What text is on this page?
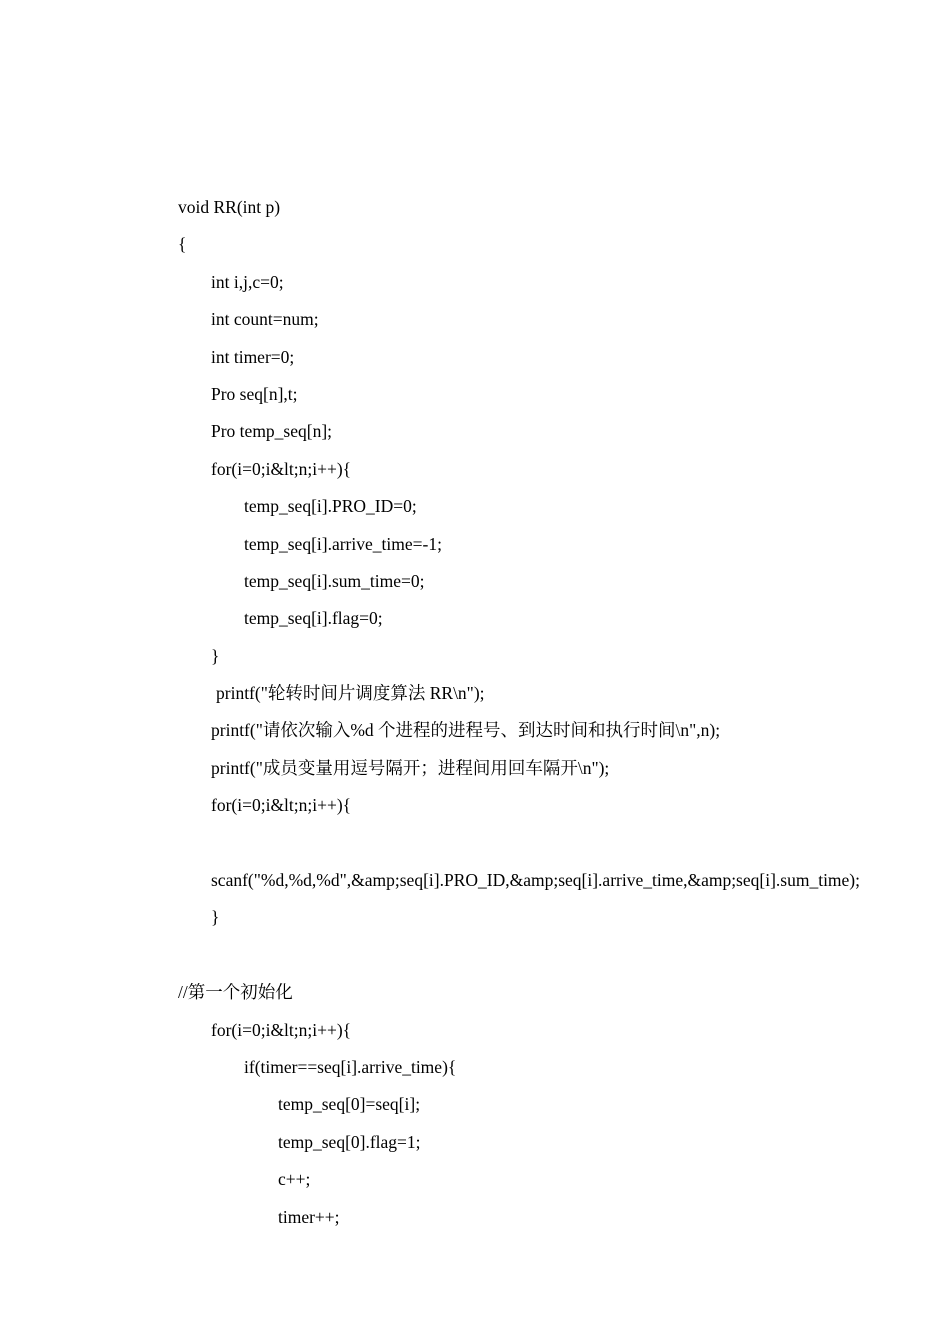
void RR(int p)
{
int i,j,c=0;
int count=num;
int timer=0;
Pro seq[n],t;
Pro temp_seq[n];
for(i=0;i&lt;n;i++){
temp_seq[i].PRO_ID=0;
temp_seq[i].arrive_time=-1;
temp_seq[i].sum_time=0;
temp_seq[i].flag=0;
}
printf("轮转时间片调度算法 RR\n");
printf("请依次输入%d 个进程的进程号、到达时间和执行时间\n",n);
printf("成员变量用逗号隔开；进程间用回车隔开\n");
for(i=0;i&lt;n;i++){
scanf("%d,%d,%d",&amp;seq[i].PRO_ID,&amp;seq[i].arrive_time,&amp;seq[i].sum_time);
}
//第一个初始化
for(i=0;i&lt;n;i++){
if(timer==seq[i].arrive_time){
temp_seq[0]=seq[i];
temp_seq[0].flag=1;
c++;
timer++;
